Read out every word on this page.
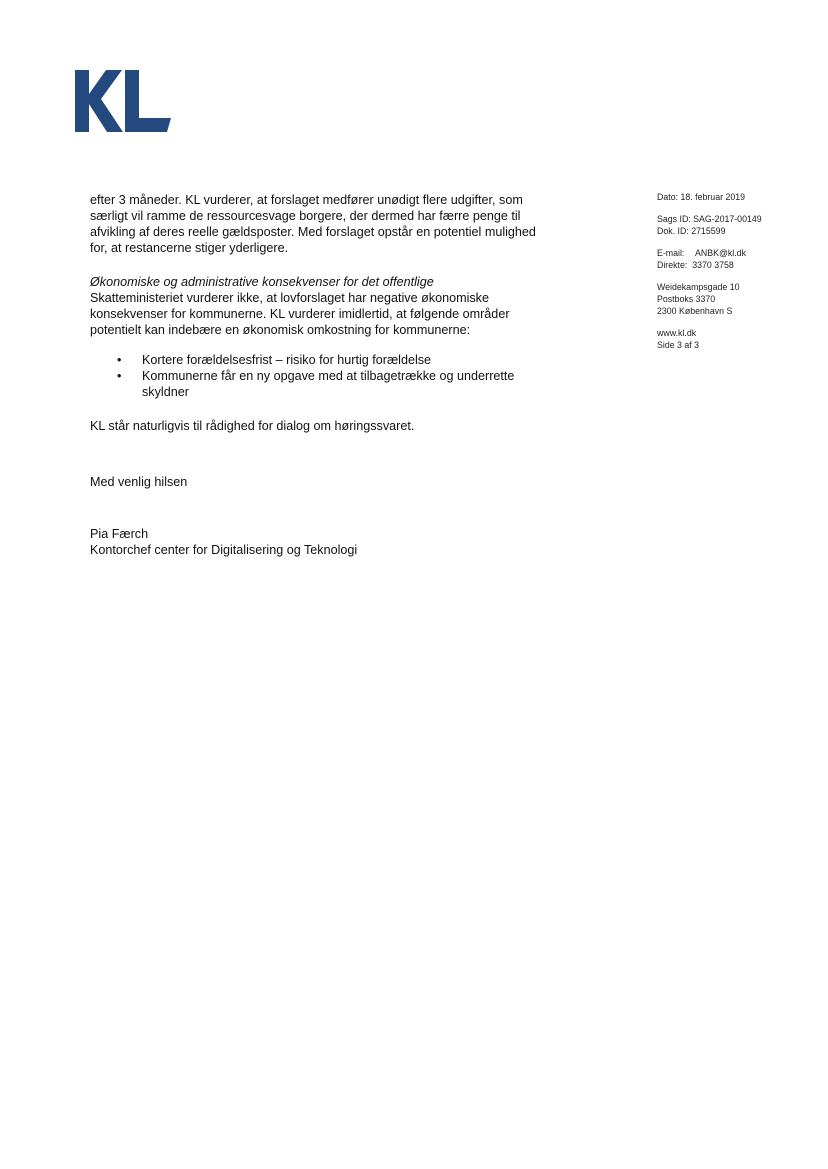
efter 3 måneder. KL vurderer, at forslaget medfører unødigt flere udgifter, som særligt vil ramme de ressourcesvage borgere, der dermed har færre penge til afvikling af deres reelle gældsposter. Med forslaget opstår en potentiel mulighed for, at restancerne stiger yderligere.

Økonomiske og administrative konsekvenser for det offentlige

Skatteministeriet vurderer ikke, at lovforslaget har negative økonomiske konsekvenser for kommunerne. KL vurderer imidlertid, at følgende områder potentielt kan indebære en økonomisk omkostning for kommunerne:

• Kortere forældelsesfrist – risiko for hurtig forældelse
• Kommunerne får en ny opgave med at tilbagetrække og underrette skyldner

KL står naturligvis til rådighed for dialog om høringssvaret.

Med venlig hilsen

Pia Færch

Kontorchef center for Digitalisering og Teknologi

Dato: 18. februar 2019
Sags ID: SAG-2017-00149
Dok. ID: 2715599
E-mail: ANBK@kl.dk
Direkte: 3370 3758
Weidekampsgade 10
Postboks 3370
2300 København S
www.kl.dk
Side 3 af 3
